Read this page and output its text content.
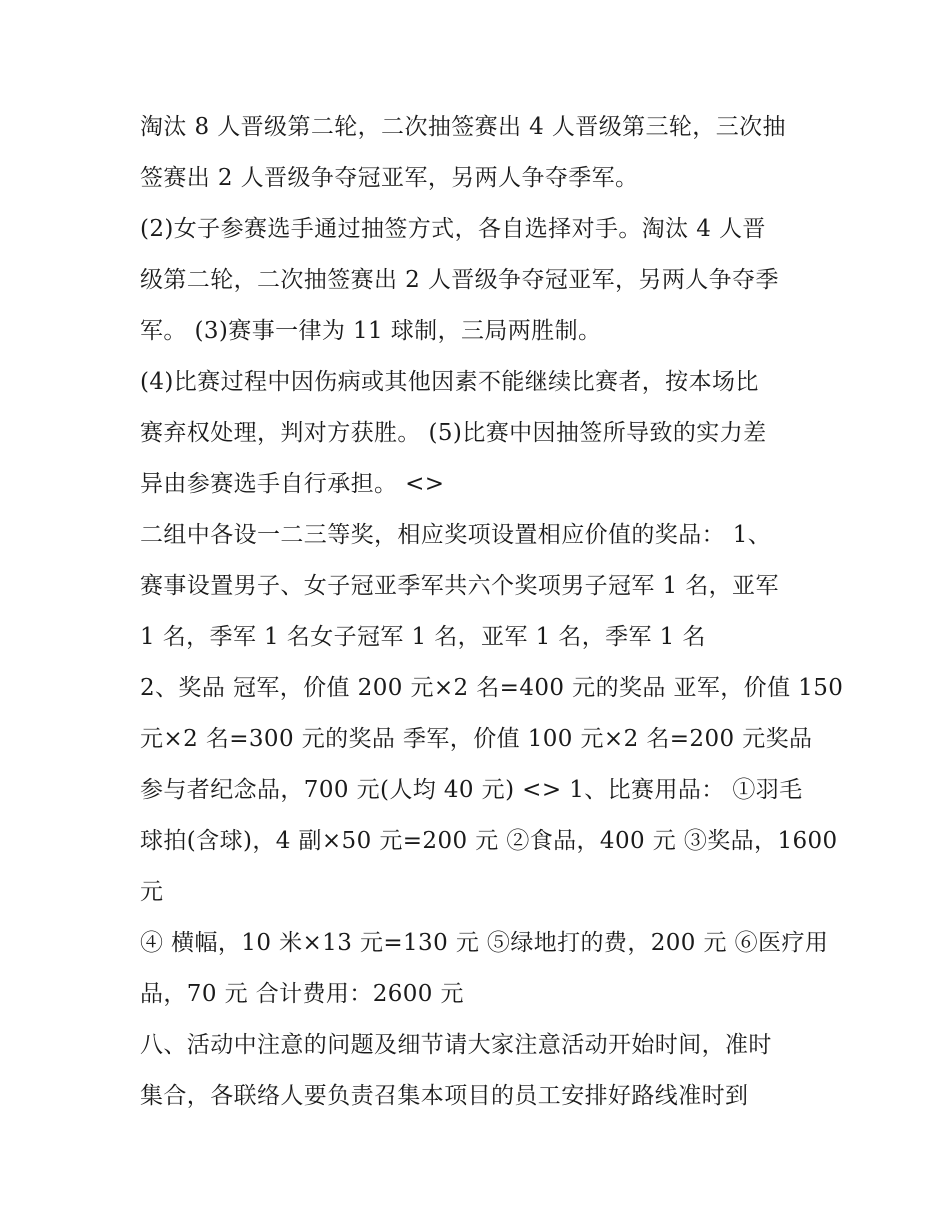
淘汰 8 人晋级第二轮，二次抽签赛出 4 人晋级第三轮，三次抽
签赛出 2 人晋级争夺冠亚军，另两人争夺季军。
(2)女子参赛选手通过抽签方式，各自选择对手。淘汰 4 人晋
级第二轮，二次抽签赛出 2 人晋级争夺冠亚军，另两人争夺季
军。 (3)赛事一律为 11 球制，三局两胜制。
(4)比赛过程中因伤病或其他因素不能继续比赛者，按本场比
赛弃权处理，判对方获胜。 (5)比赛中因抽签所导致的实力差
异由参赛选手自行承担。 <>
二组中各设一二三等奖，相应奖项设置相应价值的奖品： 1、
赛事设置男子、女子冠亚季军共六个奖项男子冠军 1 名，亚军
1 名，季军 1 名女子冠军 1 名，亚军 1 名，季军 1 名
2、奖品 冠军，价值 200 元×2 名=400 元的奖品 亚军，价值 150
元×2 名=300 元的奖品 季军，价值 100 元×2 名=200 元奖品
参与者纪念品，700 元(人均 40 元) <> 1、比赛用品： ①羽毛
球拍(含球)，4 副×50 元=200 元 ②食品，400 元 ③奖品，1600
元
④ 横幅，10 米×13 元=130 元 ⑤绿地打的费，200 元 ⑥医疗用
品，70 元 合计费用：2600 元
八、活动中注意的问题及细节请大家注意活动开始时间，准时
集合，各联络人要负责召集本项目的员工安排好路线准时到
